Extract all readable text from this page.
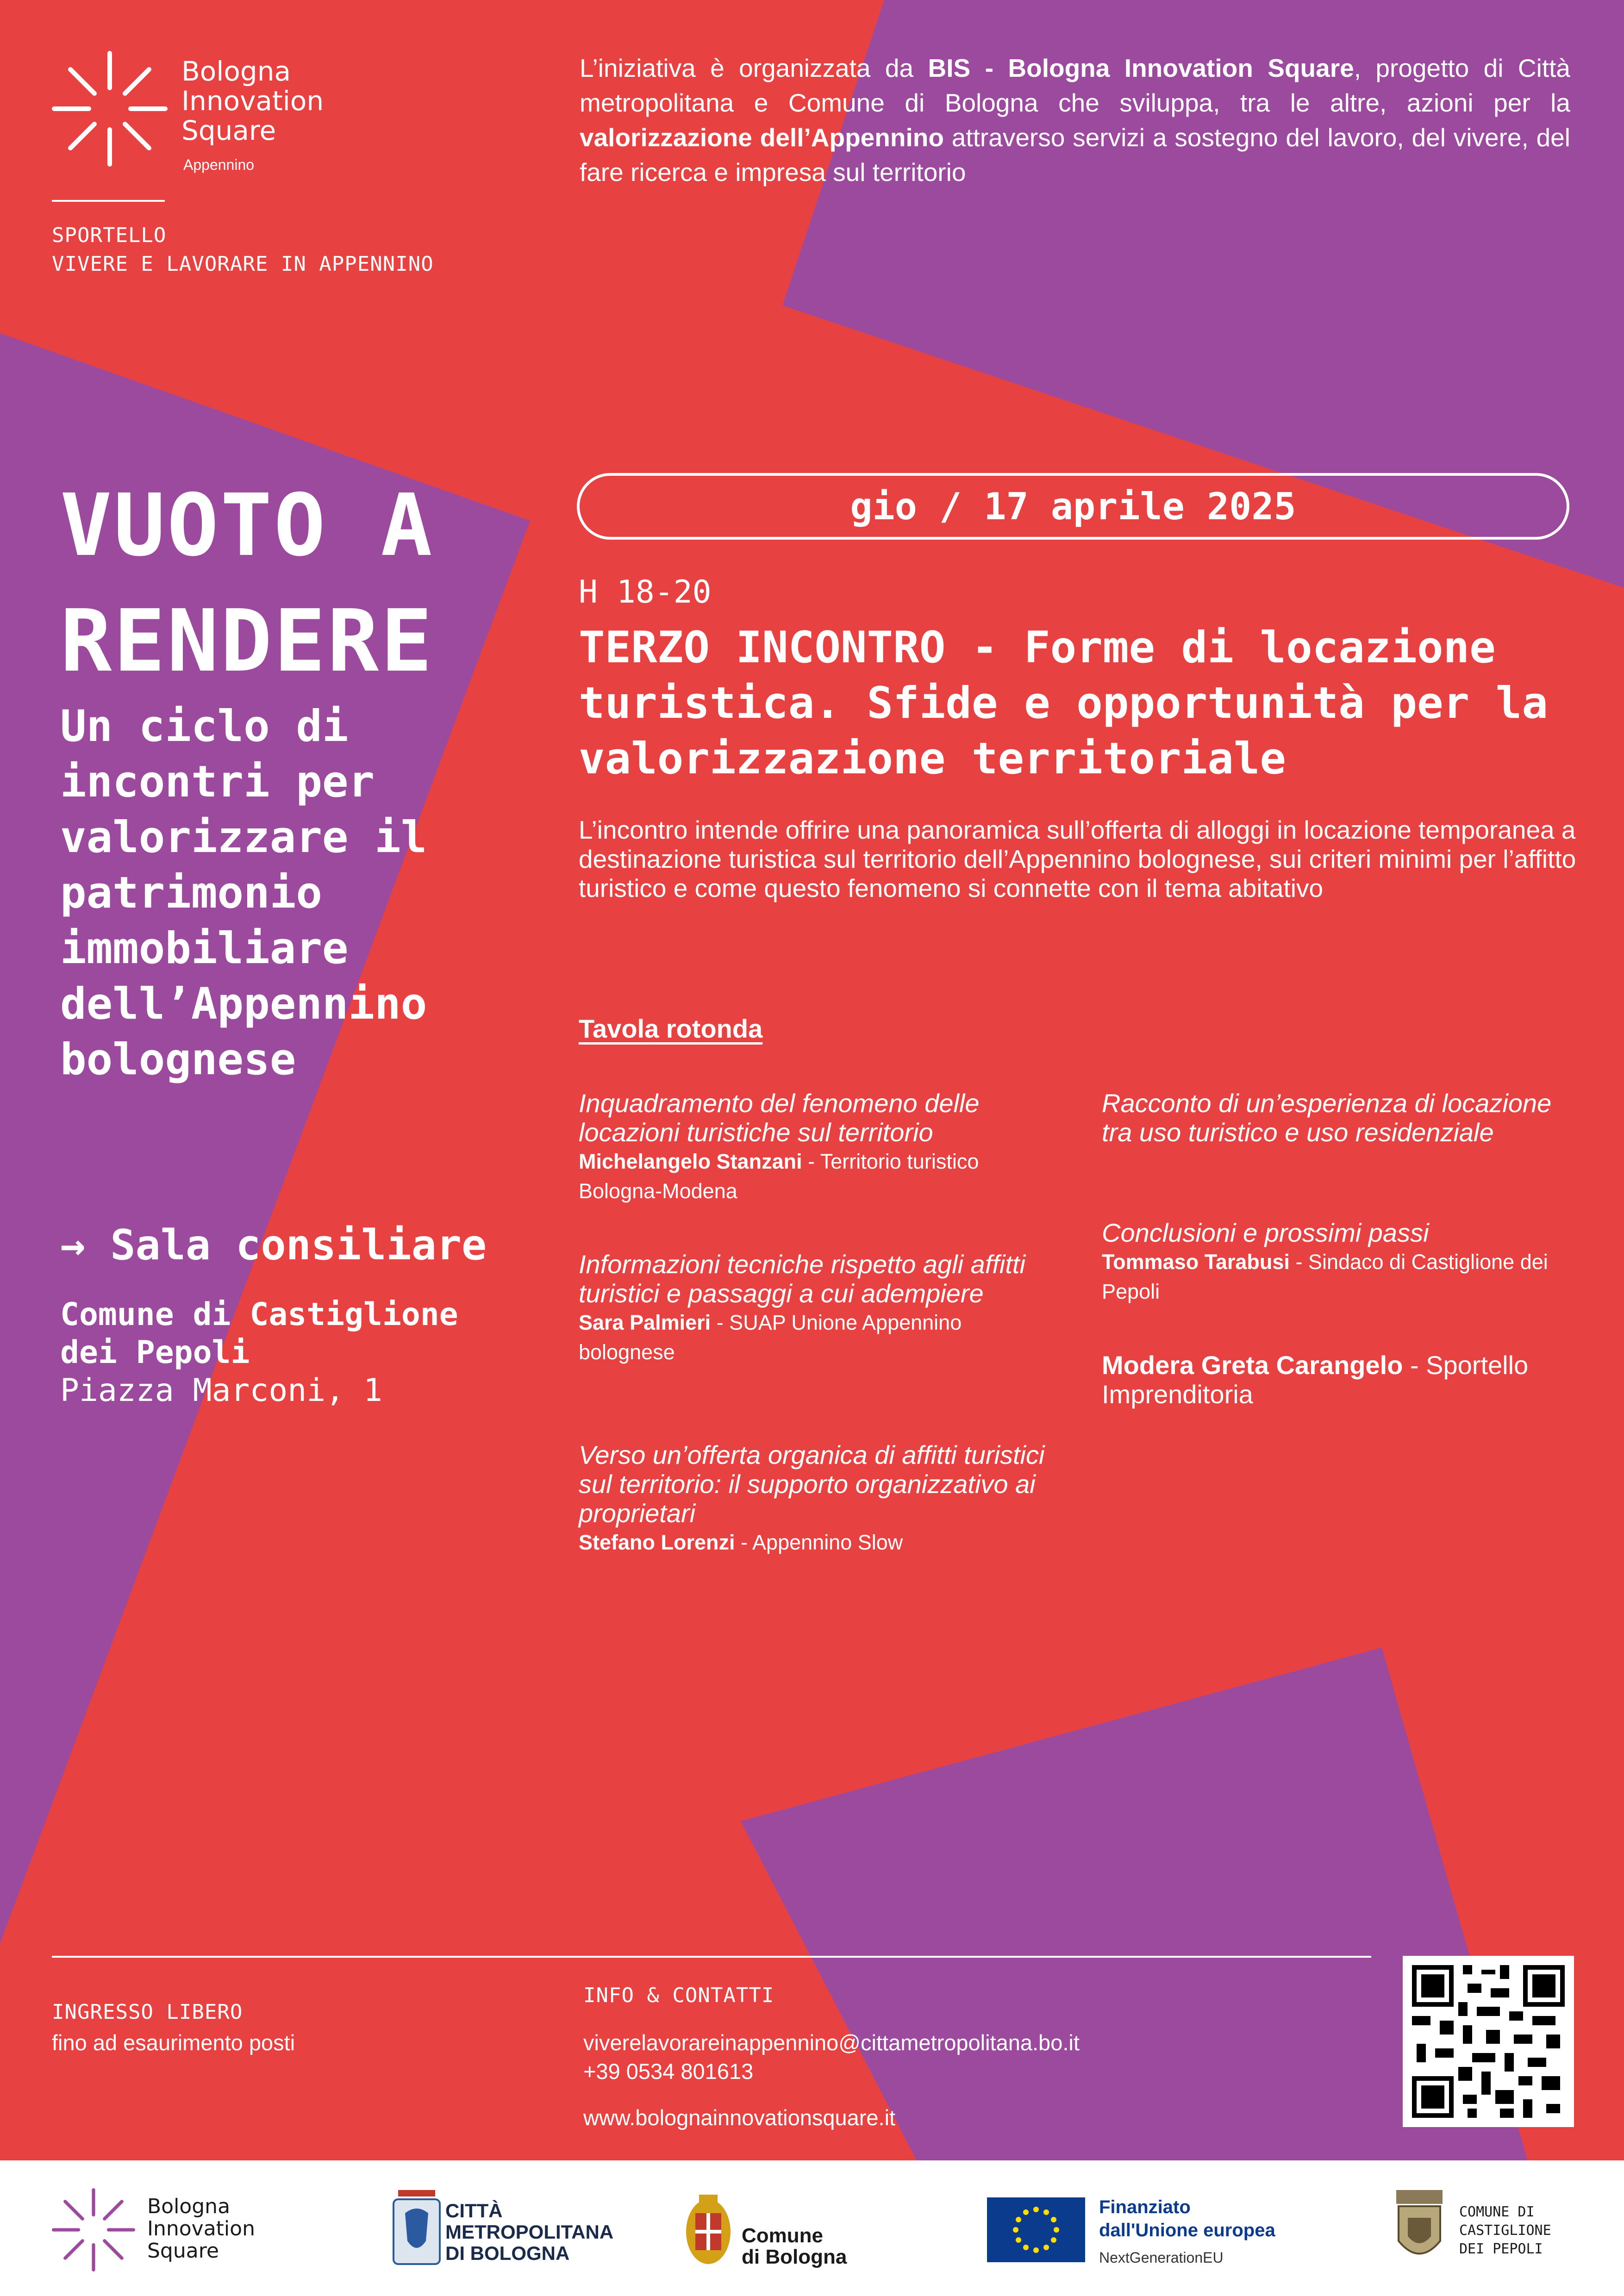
Bologna
Innovation
Square
Appennino
SPORTELLO
VIVERE E LAVORARE IN APPENNINO
L’iniziativa è organizzata da BIS - Bologna Innovation Square, progetto di Città metropolitana e Comune di Bologna che sviluppa, tra le altre, azioni per la valorizzazione dell’Appennino attraverso servizi a sostegno del lavoro, del vivere, del fare ricerca e impresa sul territorio
VUOTO A
RENDERE
Un ciclo di incontri per valorizzare il patrimonio immobiliare dell’Appennino bolognese
→ Sala consiliare
Comune di Castiglione
dei Pepoli
Piazza Marconi, 1
gio / 17 aprile 2025
H 18-20
TERZO INCONTRO - Forme di locazione turistica. Sfide e opportunità per la valorizzazione territoriale
L’incontro intende offrire una panoramica sull’offerta di alloggi in locazione temporanea a destinazione turistica sul territorio dell’Appennino bolognese, sui criteri minimi per l’affitto turistico e come questo fenomeno si connette con il tema abitativo
Tavola rotonda
Inquadramento del fenomeno delle locazioni turistiche sul territorio
Michelangelo Stanzani - Territorio turistico Bologna-Modena
Informazioni tecniche rispetto agli affitti turistici e passaggi a cui adempiere
Sara Palmieri - SUAP Unione Appennino bolognese
Verso un’offerta organica di affitti turistici sul territorio: il supporto organizzativo ai proprietari
Stefano Lorenzi - Appennino Slow
Racconto di un’esperienza di locazione tra uso turistico e uso residenziale
Conclusioni e prossimi passi
Tommaso Tarabusi - Sindaco di Castiglione dei Pepoli
Modera Greta Carangelo - Sportello Imprenditoria
INGRESSO LIBERO
fino ad esaurimento posti
INFO & CONTATTI
viverelavorareinappennino@cittametropolitana.bo.it
+39 0534 801613
www.bolognainnovationsquare.it
Bologna
Innovation
Square
CITTÀ
METROPOLITANA
DI BOLOGNA
Comune
di Bologna
Finanziato
dall'Unione europea
NextGenerationEU
COMUNE DI
CASTIGLIONE
DEI PEPOLI
